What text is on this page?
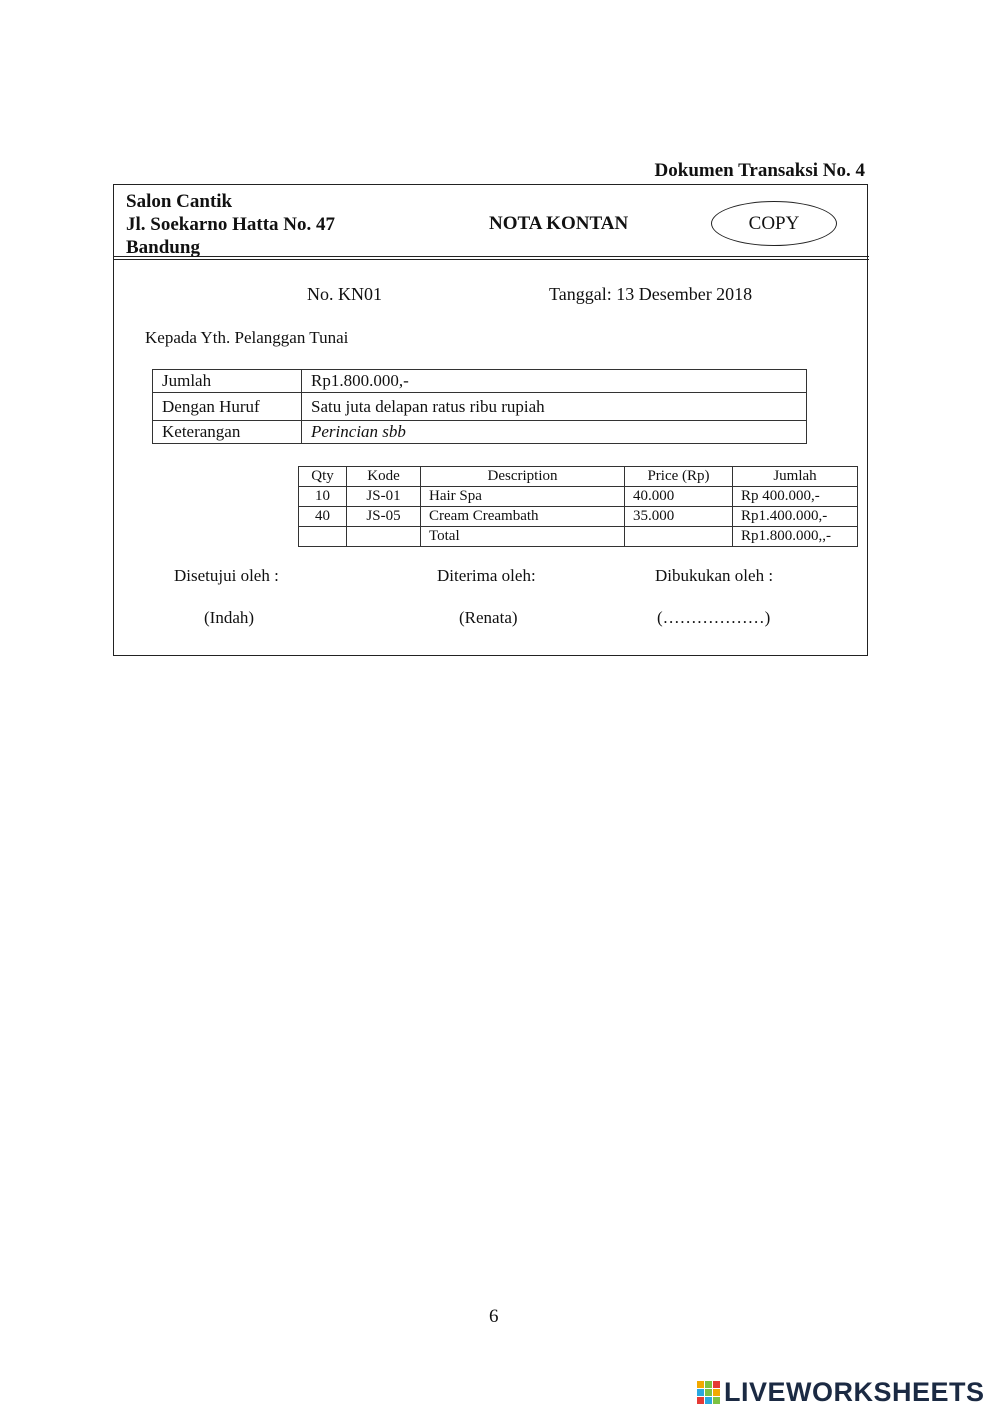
Dokumen Transaksi No. 4
Salon Cantik
Jl. Soekarno Hatta No. 47
Bandung
NOTA KONTAN	COPY
No. KN01	Tanggal: 13 Desember 2018
Kepada Yth. Pelanggan Tunai
Jumlah	Rp1.800.000,-
Dengan Huruf	Satu juta delapan ratus ribu rupiah
Keterangan	Perincian sbb
Qty	Kode	Description	Price (Rp)	Jumlah
10	JS-01	Hair Spa	40.000	Rp 400.000,-
40	JS-05	Cream Creambath	35.000	Rp1.400.000,-
		Total		Rp1.800.000,,-
Disetujui oleh :	Diterima oleh:	Dibukukan oleh :
(Indah)	(Renata)	(………………)
6
LIVEWORKSHEETS
